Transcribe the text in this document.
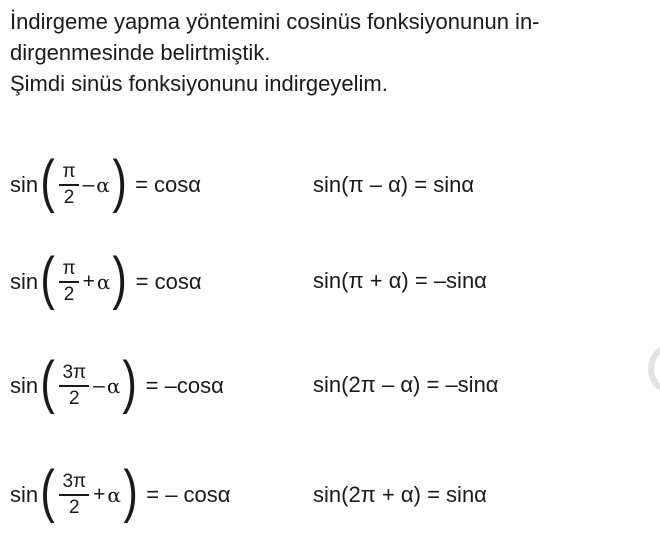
İndirgeme yapma yöntemini cosinüs fonksiyonunun in-
dirgenmesinde belirtmiştik.
Şimdi sinüs fonksiyonunu indirgeyelim.
sin ( $\frac{\pi}{2}$ – α ) = cosα	sin(π – α) = sinα
sin ( $\frac{\pi}{2} + \alpha$ ) = cosα	sin(π + α) = –sinα
sin ( $\frac{3\pi}{2}$ – α ) = –cosα	sin(2π – α) = –sinα
sin ( $\frac{3\pi}{2} + \alpha$ ) = – cosα	sin(2π + α) = sinα
